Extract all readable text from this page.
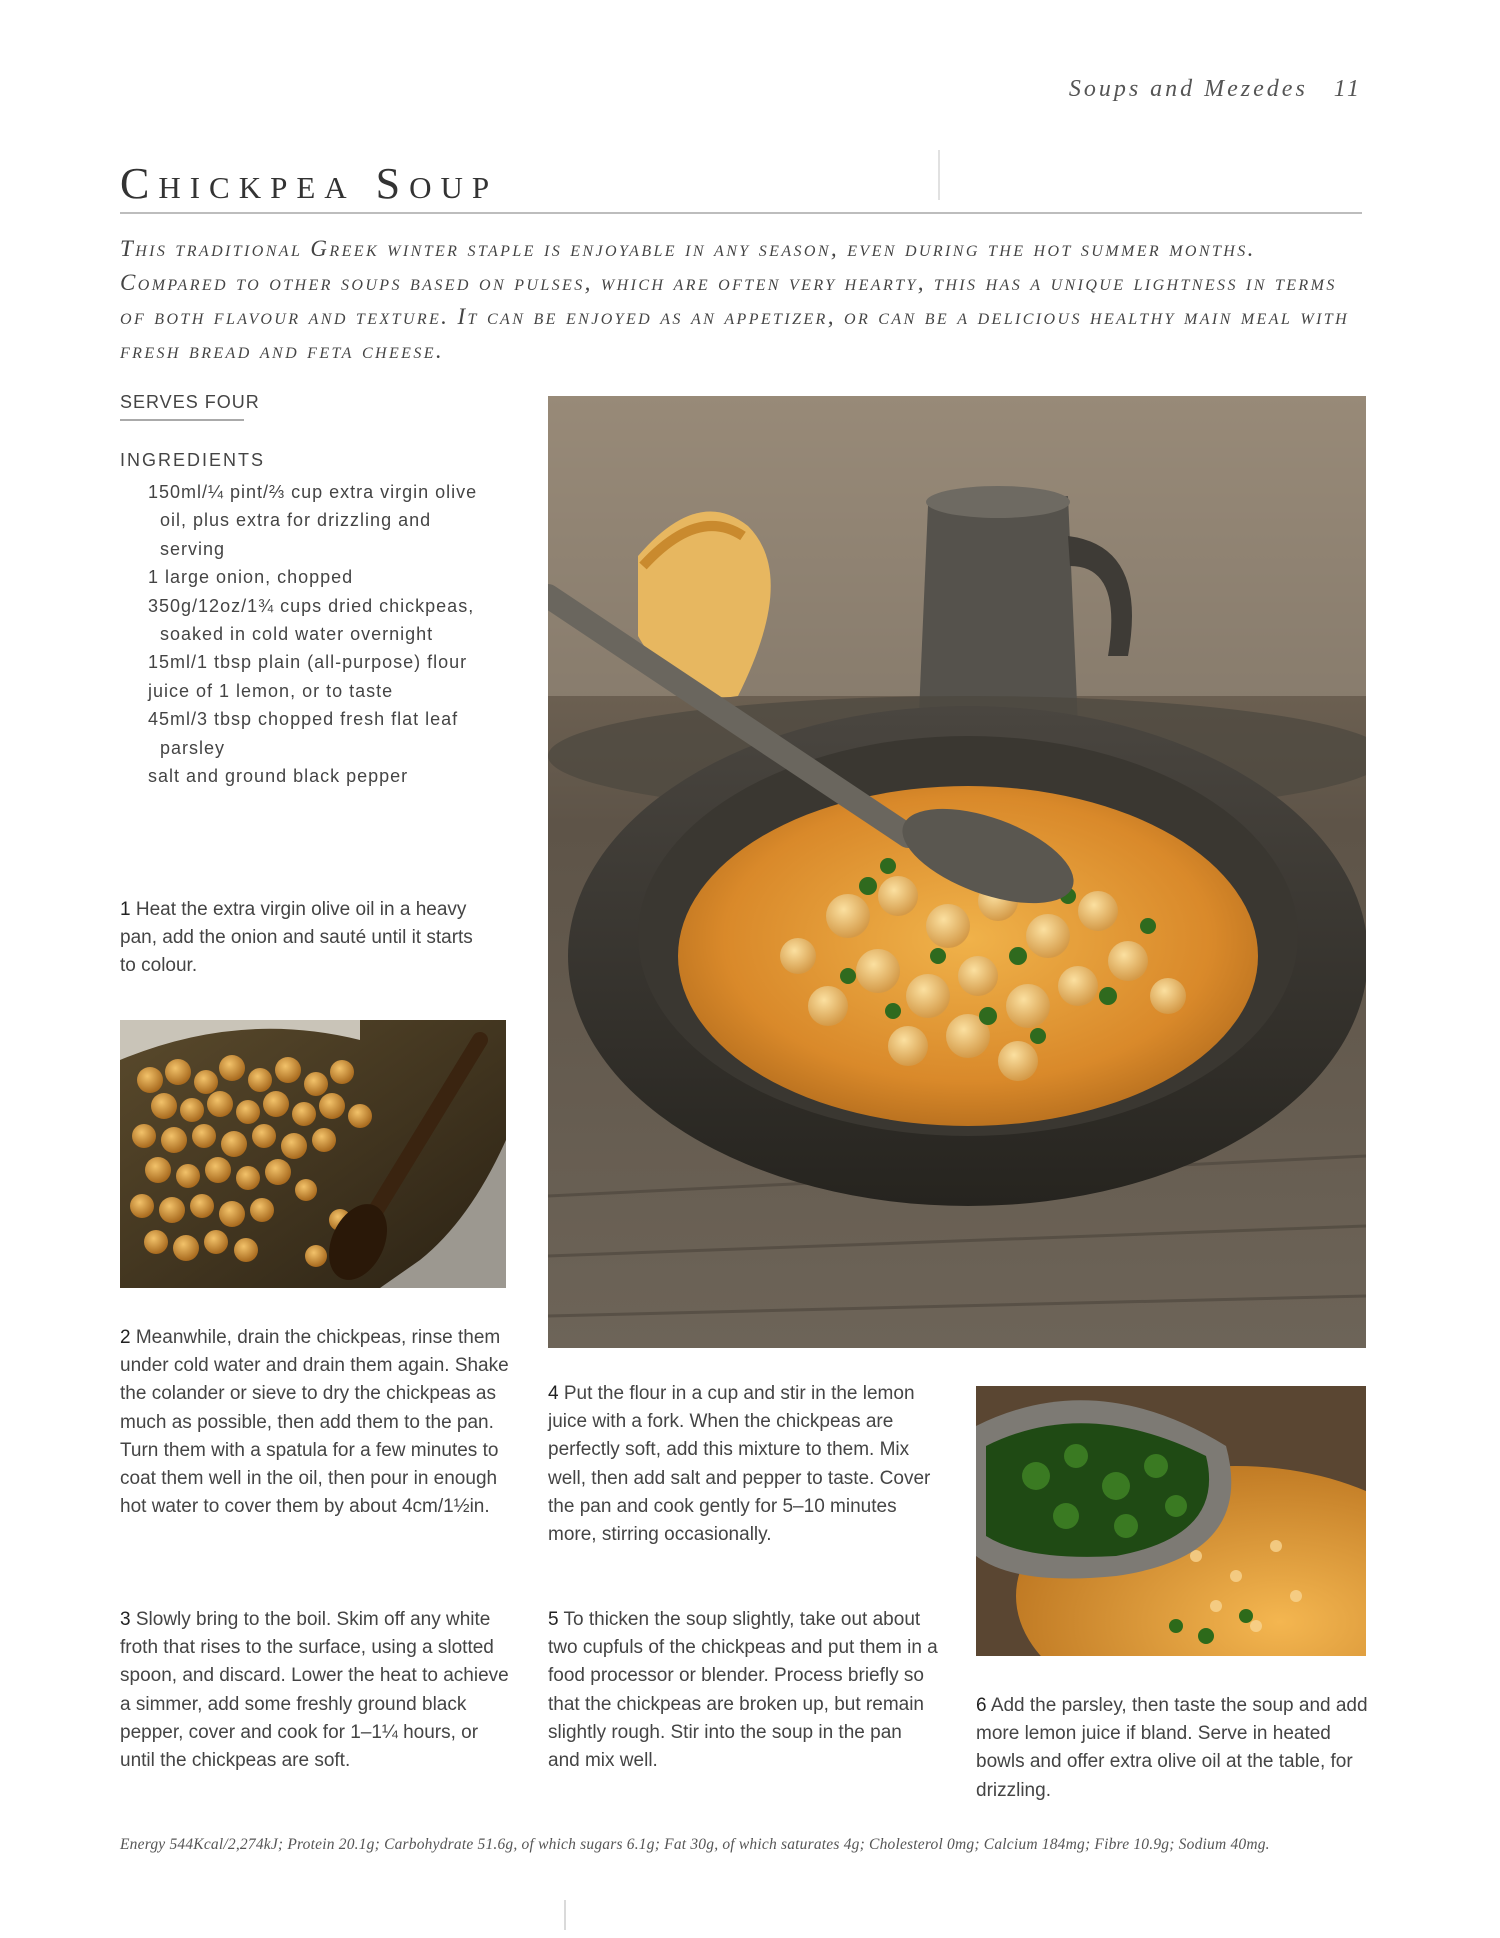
Soups and Mezedes 11
Chickpea Soup

This traditional Greek winter staple is enjoyable in any season, even during the hot summer months. Compared to other soups based on pulses, which are often very hearty, this has a unique lightness in terms of both flavour and texture. It can be enjoyed as an appetizer, or can be a delicious healthy main meal with fresh bread and feta cheese.

SERVES FOUR
INGREDIENTS
150ml/¼ pint/⅔ cup extra virgin olive oil, plus extra for drizzling and serving
1 large onion, chopped
350g/12oz/1¾ cups dried chickpeas, soaked in cold water overnight
15ml/1 tbsp plain (all-purpose) flour
juice of 1 lemon, or to taste
45ml/3 tbsp chopped fresh flat leaf parsley
salt and ground black pepper

1 Heat the extra virgin olive oil in a heavy pan, add the onion and sauté until it starts to colour.

2 Meanwhile, drain the chickpeas, rinse them under cold water and drain them again. Shake the colander or sieve to dry the chickpeas as much as possible, then add them to the pan. Turn them with a spatula for a few minutes to coat them well in the oil, then pour in enough hot water to cover them by about 4cm/1½in.

3 Slowly bring to the boil. Skim off any white froth that rises to the surface, using a slotted spoon, and discard. Lower the heat to achieve a simmer, add some freshly ground black pepper, cover and cook for 1–1¼ hours, or until the chickpeas are soft.

4 Put the flour in a cup and stir in the lemon juice with a fork. When the chickpeas are perfectly soft, add this mixture to them. Mix well, then add salt and pepper to taste. Cover the pan and cook gently for 5–10 minutes more, stirring occasionally.

5 To thicken the soup slightly, take out about two cupfuls of the chickpeas and put them in a food processor or blender. Process briefly so that the chickpeas are broken up, but remain slightly rough. Stir into the soup in the pan and mix well.

6 Add the parsley, then taste the soup and add more lemon juice if bland. Serve in heated bowls and offer extra olive oil at the table, for drizzling.

Energy 544Kcal/2,274kJ; Protein 20.1g; Carbohydrate 51.6g, of which sugars 6.1g; Fat 30g, of which saturates 4g; Cholesterol 0mg; Calcium 184mg; Fibre 10.9g; Sodium 40mg.
